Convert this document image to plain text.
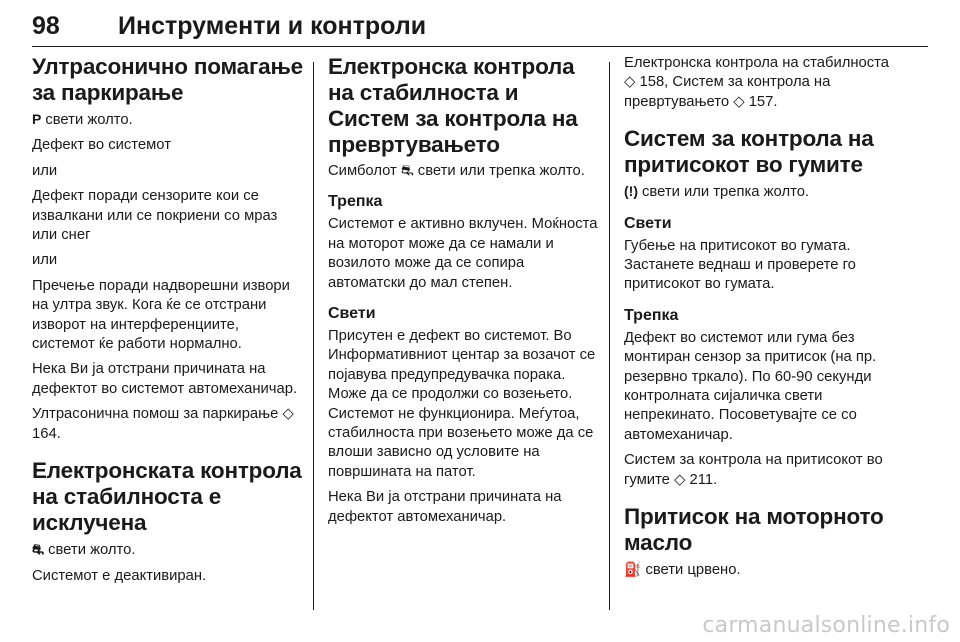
98 Инструменти и контроли
Ултрасонично помагање за паркирање

P свети жолто.

Дефект во системот

или

Дефект поради сензорите кои се извалкани или се покриени со мраз или снег

или

Пречење поради надворешни извори на ултра звук. Кога ќе се отстрани изворот на интерференциите, системот ќе работи нормално.

Нека Ви ја отстрани причината на дефектот во системот автомеханичар.

Ултрасонична помош за паркирање ◇ 164.

Електронската контрола на стабилноста е исклучена

⛐ свети жолто.

Системот е деактивиран.

Електронска контрола на стабилноста и Систем за контрола на превртувањето

Симболот ⛐ свети или трепка жолто.

Трепка

Системот е активно вклучен. Моќноста на моторот може да се намали и возилото може да се сопира автоматски до мал степен.

Свети

Присутен е дефект во системот. Во Информативниот центар за возачот се појавува предупредувачка порака. Може да се продолжи со возењето. Системот не функционира. Меѓутоа, стабилноста при возењето може да се влоши зависно од условите на површината на патот.

Нека Ви ја отстрани причината на дефектот автомеханичар.

Електронска контрола на стабилноста ◇ 158, Систем за контрола на превртувањето ◇ 157.

Систем за контрола на притисокот во гумите

(!) свети или трепка жолто.

Свети

Губење на притисокот во гумата. Застанете веднаш и проверете го притисокот во гумата.

Трепка

Дефект во системот или гума без монтиран сензор за притисок (на пр. резервно тркало). По 60-90 секунди контролната сијаличка свети непрекинато. Посоветувајте се со автомеханичар.

Систем за контрола на притисокот во гумите ◇ 211.

Притисок на моторното масло

⛽ свети црвено.

carmanualsonline.info
